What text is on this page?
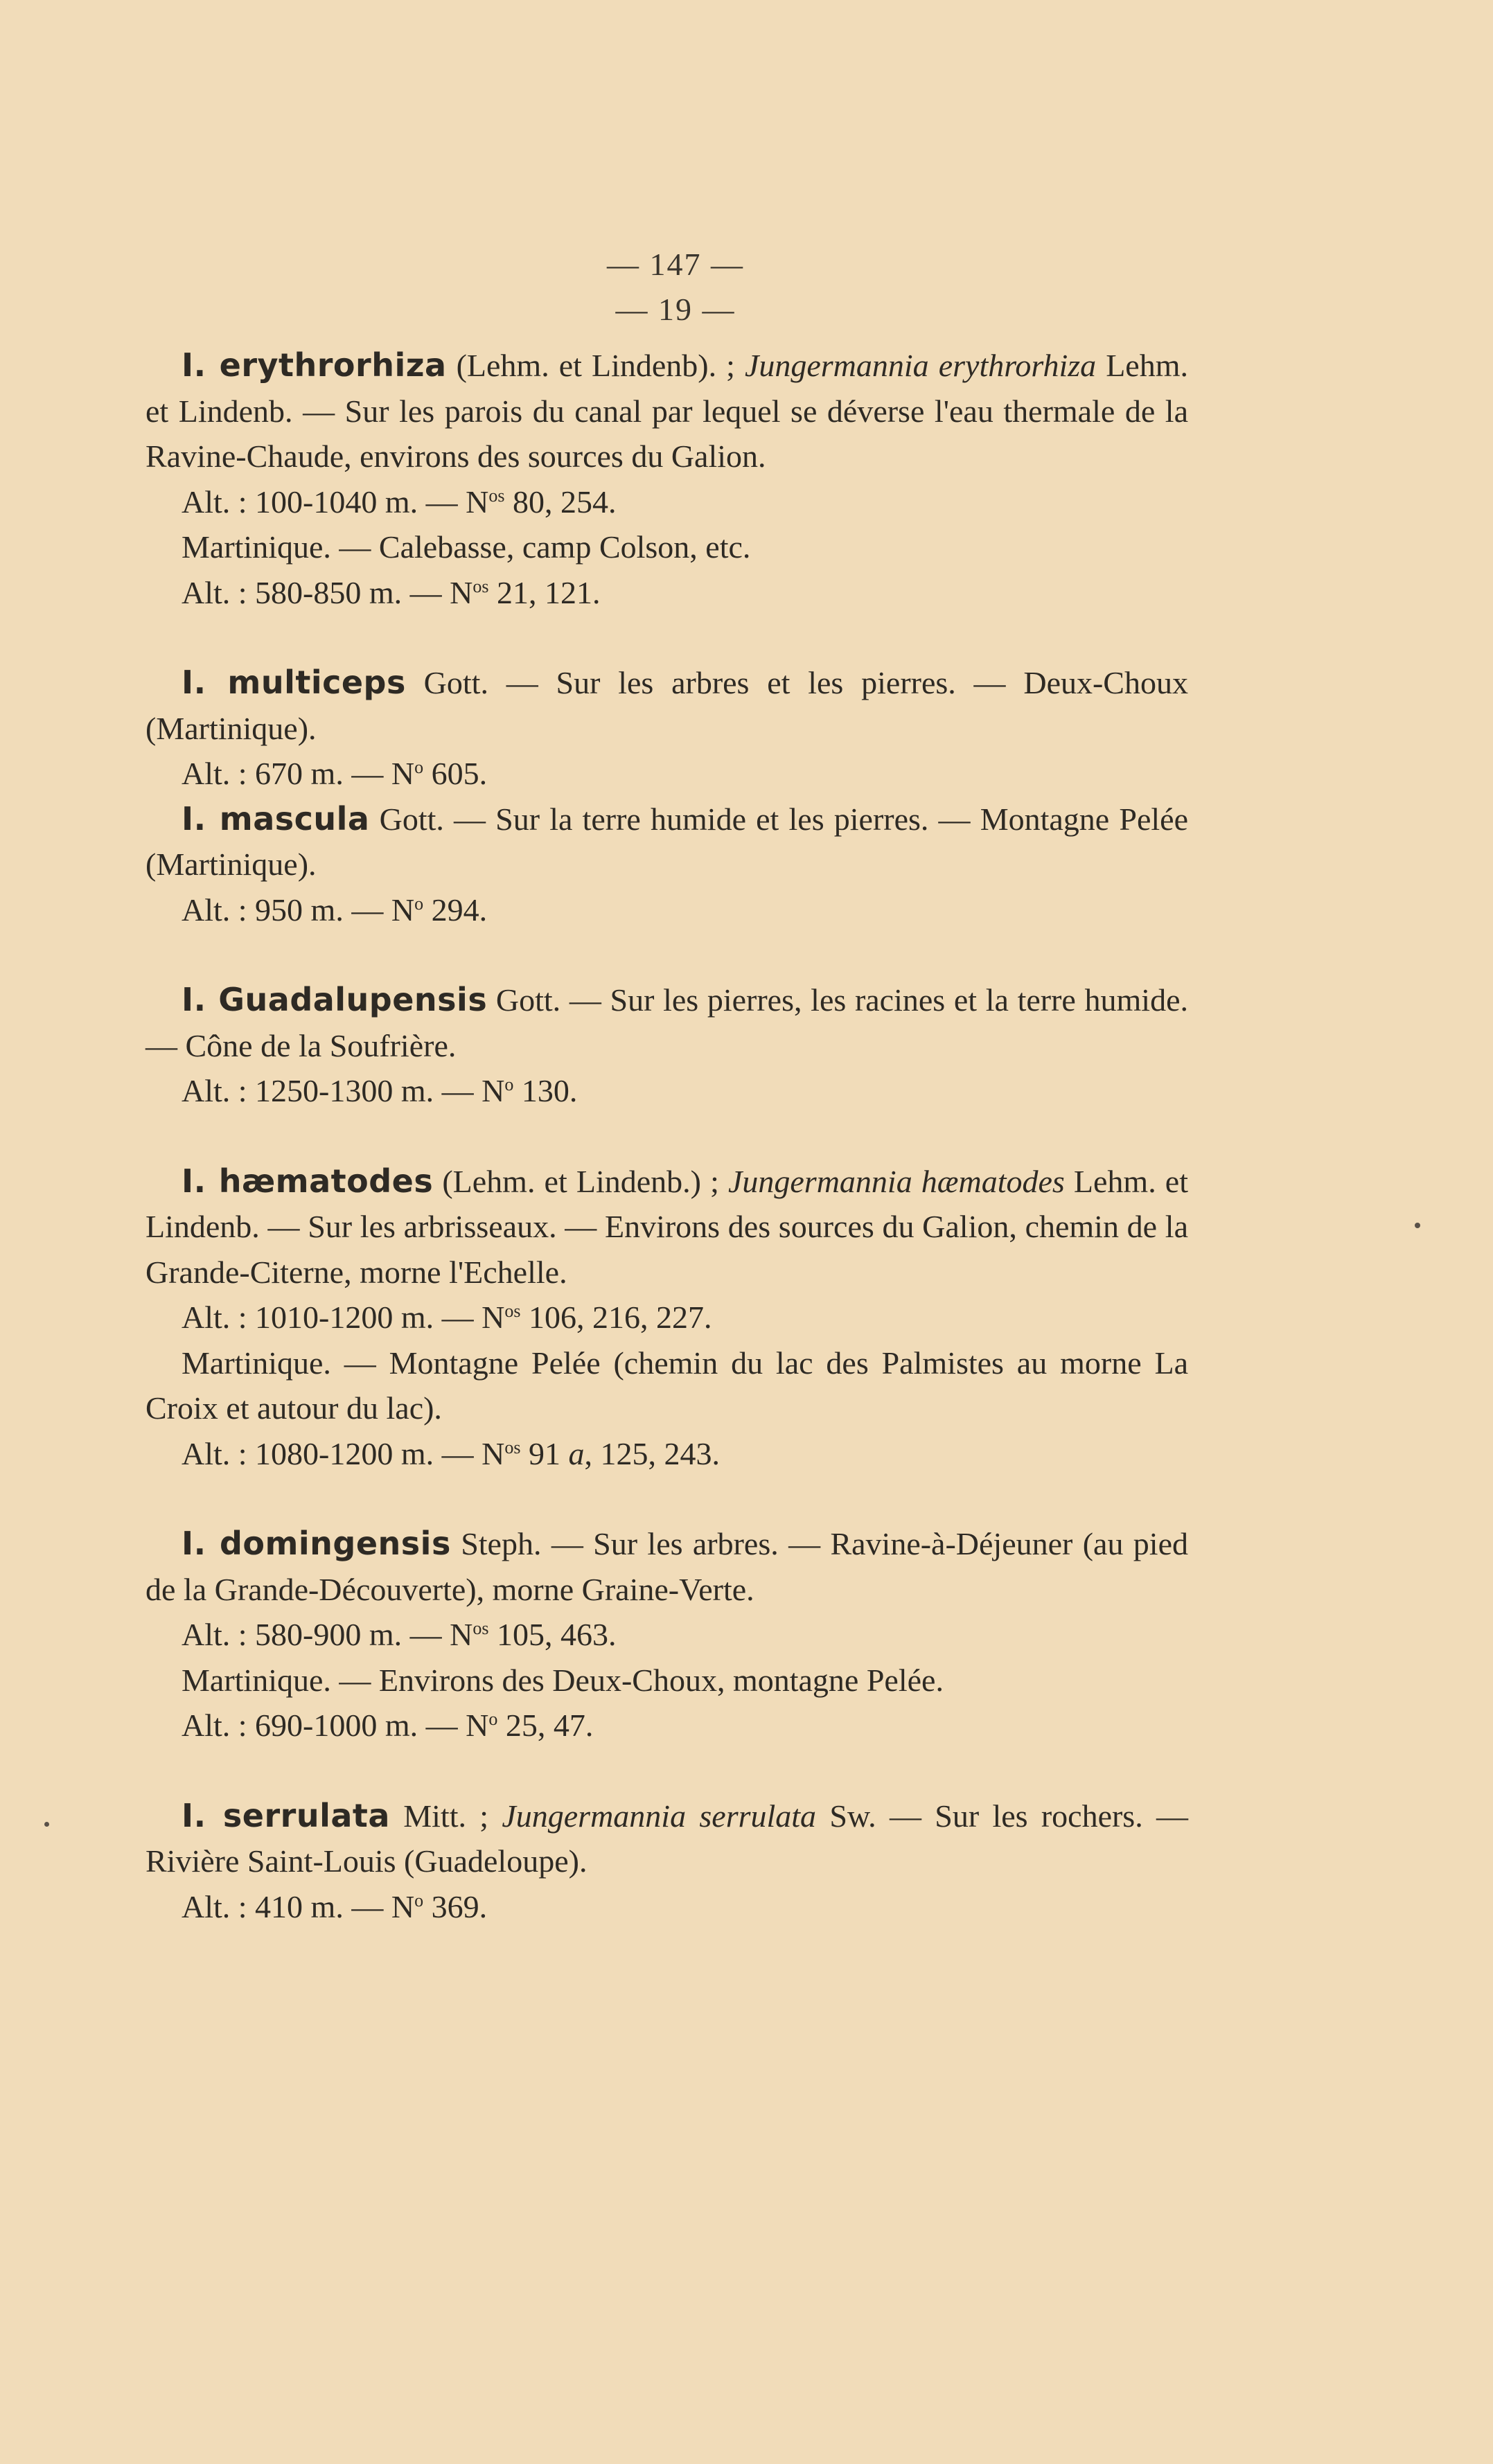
— 147 —
— 19 —

I. erythrorhiza (Lehm. et Lindenb). ; Jungermannia erythrorhiza Lehm. et Lindenb. — Sur les parois du canal par lequel se déverse l'eau thermale de la Ravine-Chaude, environs des sources du Galion.

Alt. : 100-1040 m. — $N^{os}$ 80, 254.

Martinique. — Calebasse, camp Colson, etc.

Alt. : 580-850 m. — $N^{os}$ 21, 121.

I. multiceps Gott. — Sur les arbres et les pierres. — Deux-Choux (Martinique).

Alt. : 670 m. — $N^o$ 605.

I. mascula Gott. — Sur la terre humide et les pierres. — Montagne Pelée (Martinique).

Alt. : 950 m. — $N^o$ 294.

I. Guadalupensis Gott. — Sur les pierres, les racines et la terre humide. — Cône de la Soufrière.

Alt. : 1250-1300 m. — $N^o$ 130.

I. hæmatodes (Lehm. et Lindenb.) ; Jungermannia hæmatodes Lehm. et Lindenb. — Sur les arbrisseaux. — Environs des sources du Galion, chemin de la Grande-Citerne, morne l'Echelle.

Alt. : 1010-1200 m. — $N^{os}$ 106, 216, 227.

Martinique. — Montagne Pelée (chemin du lac des Palmistes au morne La Croix et autour du lac).

Alt. : 1080-1200 m. — $N^{os}$ 91 a, 125, 243.

I. domingensis Steph. — Sur les arbres. — Ravine-à-Déjeuner (au pied de la Grande-Découverte), morne Graine-Verte.

Alt. : 580-900 m. — $N^{os}$ 105, 463.

Martinique. — Environs des Deux-Choux, montagne Pelée.

Alt. : 690-1000 m. — $N^o$ 25, 47.

I. serrulata Mitt. ; Jungermannia serrulata Sw. — Sur les rochers. — Rivière Saint-Louis (Guadeloupe).

Alt. : 410 m. — $N^o$ 369.
